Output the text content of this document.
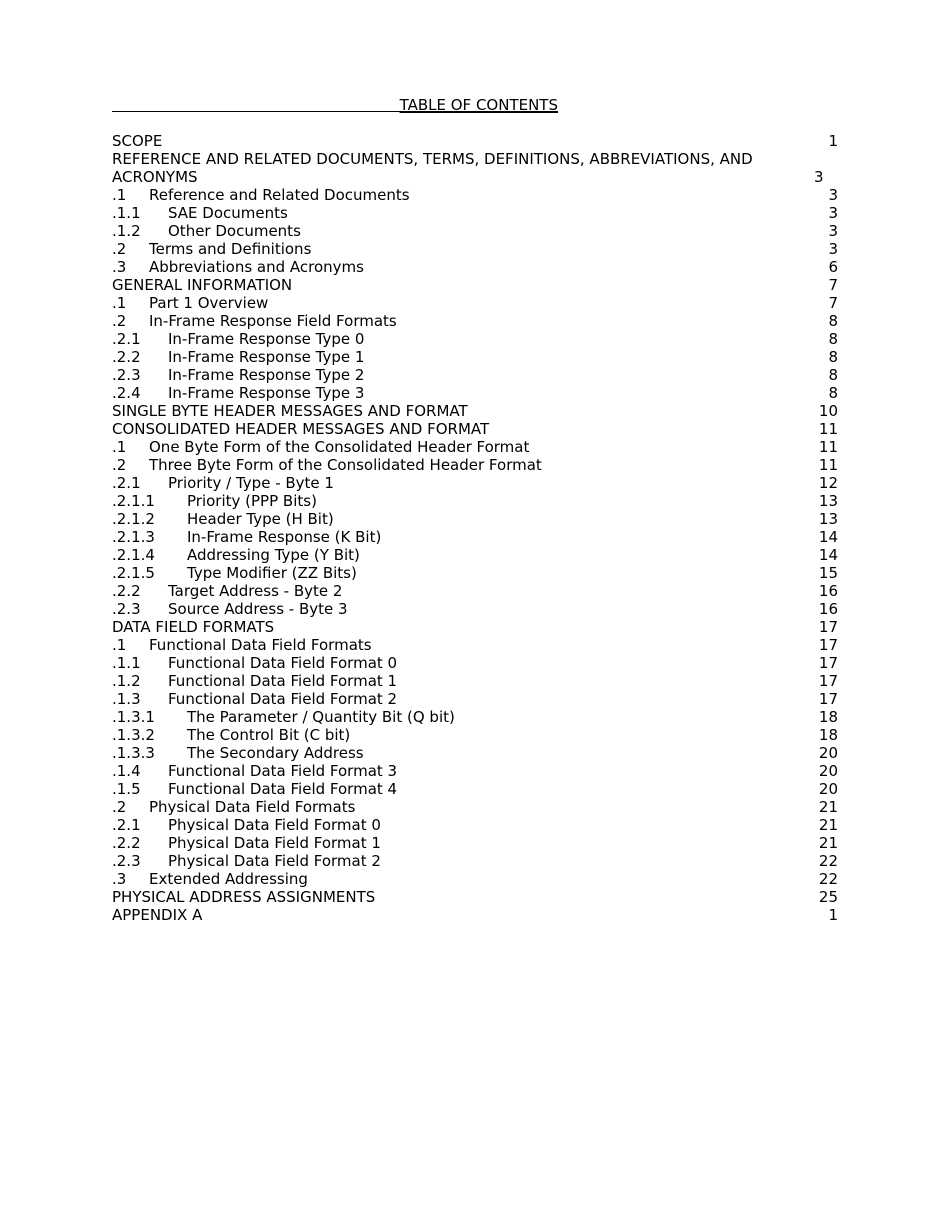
TABLE OF CONTENTS
SCOPE	1
REFERENCE AND RELATED DOCUMENTS, TERMS, DEFINITIONS, ABBREVIATIONS, AND ACRONYMS	3
.1	Reference and Related Documents	3
.1.1	SAE Documents	3
.1.2	Other Documents	3
.2	Terms and Definitions	3
.3	Abbreviations and Acronyms	6
GENERAL INFORMATION	7
.1	Part 1 Overview	7
.2	In-Frame Response Field Formats	8
.2.1	In-Frame Response Type 0	8
.2.2	In-Frame Response Type 1	8
.2.3	In-Frame Response Type 2	8
.2.4	In-Frame Response Type 3	8
SINGLE BYTE HEADER MESSAGES AND FORMAT	10
CONSOLIDATED HEADER MESSAGES AND FORMAT	11
.1	One Byte Form of the Consolidated Header Format	11
.2	Three Byte Form of the Consolidated Header Format	11
.2.1	Priority / Type - Byte 1	12
.2.1.1	Priority (PPP Bits)	13
.2.1.2	Header Type (H Bit)	13
.2.1.3	In-Frame Response (K Bit)	14
.2.1.4	Addressing Type (Y Bit)	14
.2.1.5	Type Modifier (ZZ Bits)	15
.2.2	Target Address - Byte 2	16
.2.3	Source Address - Byte 3	16
DATA FIELD FORMATS	17
.1	Functional Data Field Formats	17
.1.1	Functional Data Field Format 0	17
.1.2	Functional Data Field Format 1	17
.1.3	Functional Data Field Format 2	17
.1.3.1	The Parameter / Quantity Bit (Q bit)	18
.1.3.2	The Control Bit (C bit)	18
.1.3.3	The Secondary Address	20
.1.4	Functional Data Field Format 3	20
.1.5	Functional Data Field Format 4	20
.2	Physical Data Field Formats	21
.2.1	Physical Data Field Format 0	21
.2.2	Physical Data Field Format 1	21
.2.3	Physical Data Field Format 2	22
.3	Extended Addressing	22
PHYSICAL ADDRESS ASSIGNMENTS	25
APPENDIX A	1
